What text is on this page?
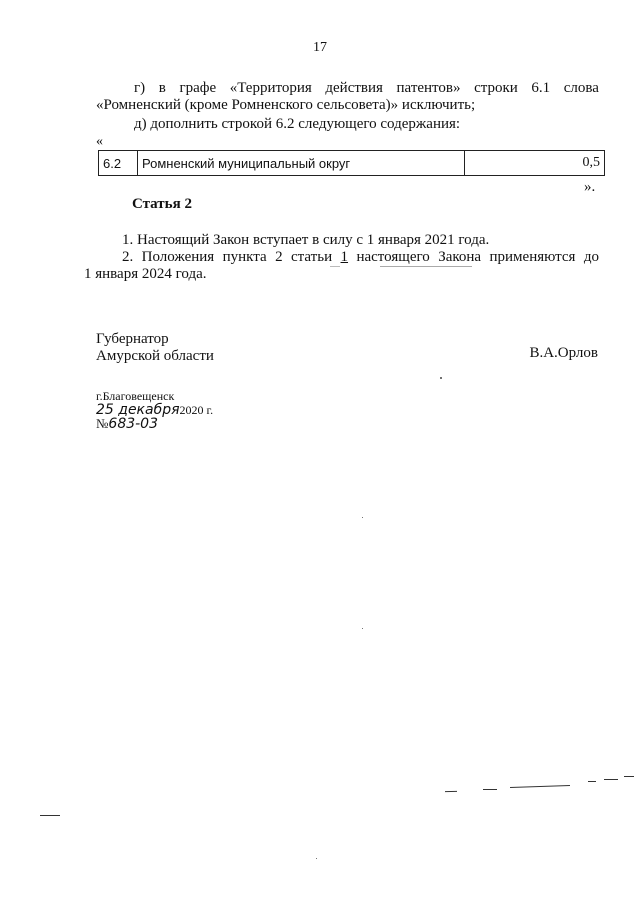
17
г) в графе «Территория действия патентов» строки 6.1 слова
«Ромненский (кроме Ромненского сельсовета)» исключить;
д) дополнить строкой 6.2 следующего содержания:
«
6.2	Ромненский муниципальный округ	0,5
».
Статья 2
1. Настоящий Закон вступает в силу с 1 января 2021 года.
2. Положения пункта 2 статьи 1 настоящего Закона применяются до
1 января 2024 года.
Губернатор
Амурской области	В.А.Орлов
г.Благовещенск
25 декабря2020 г.
№683-03
